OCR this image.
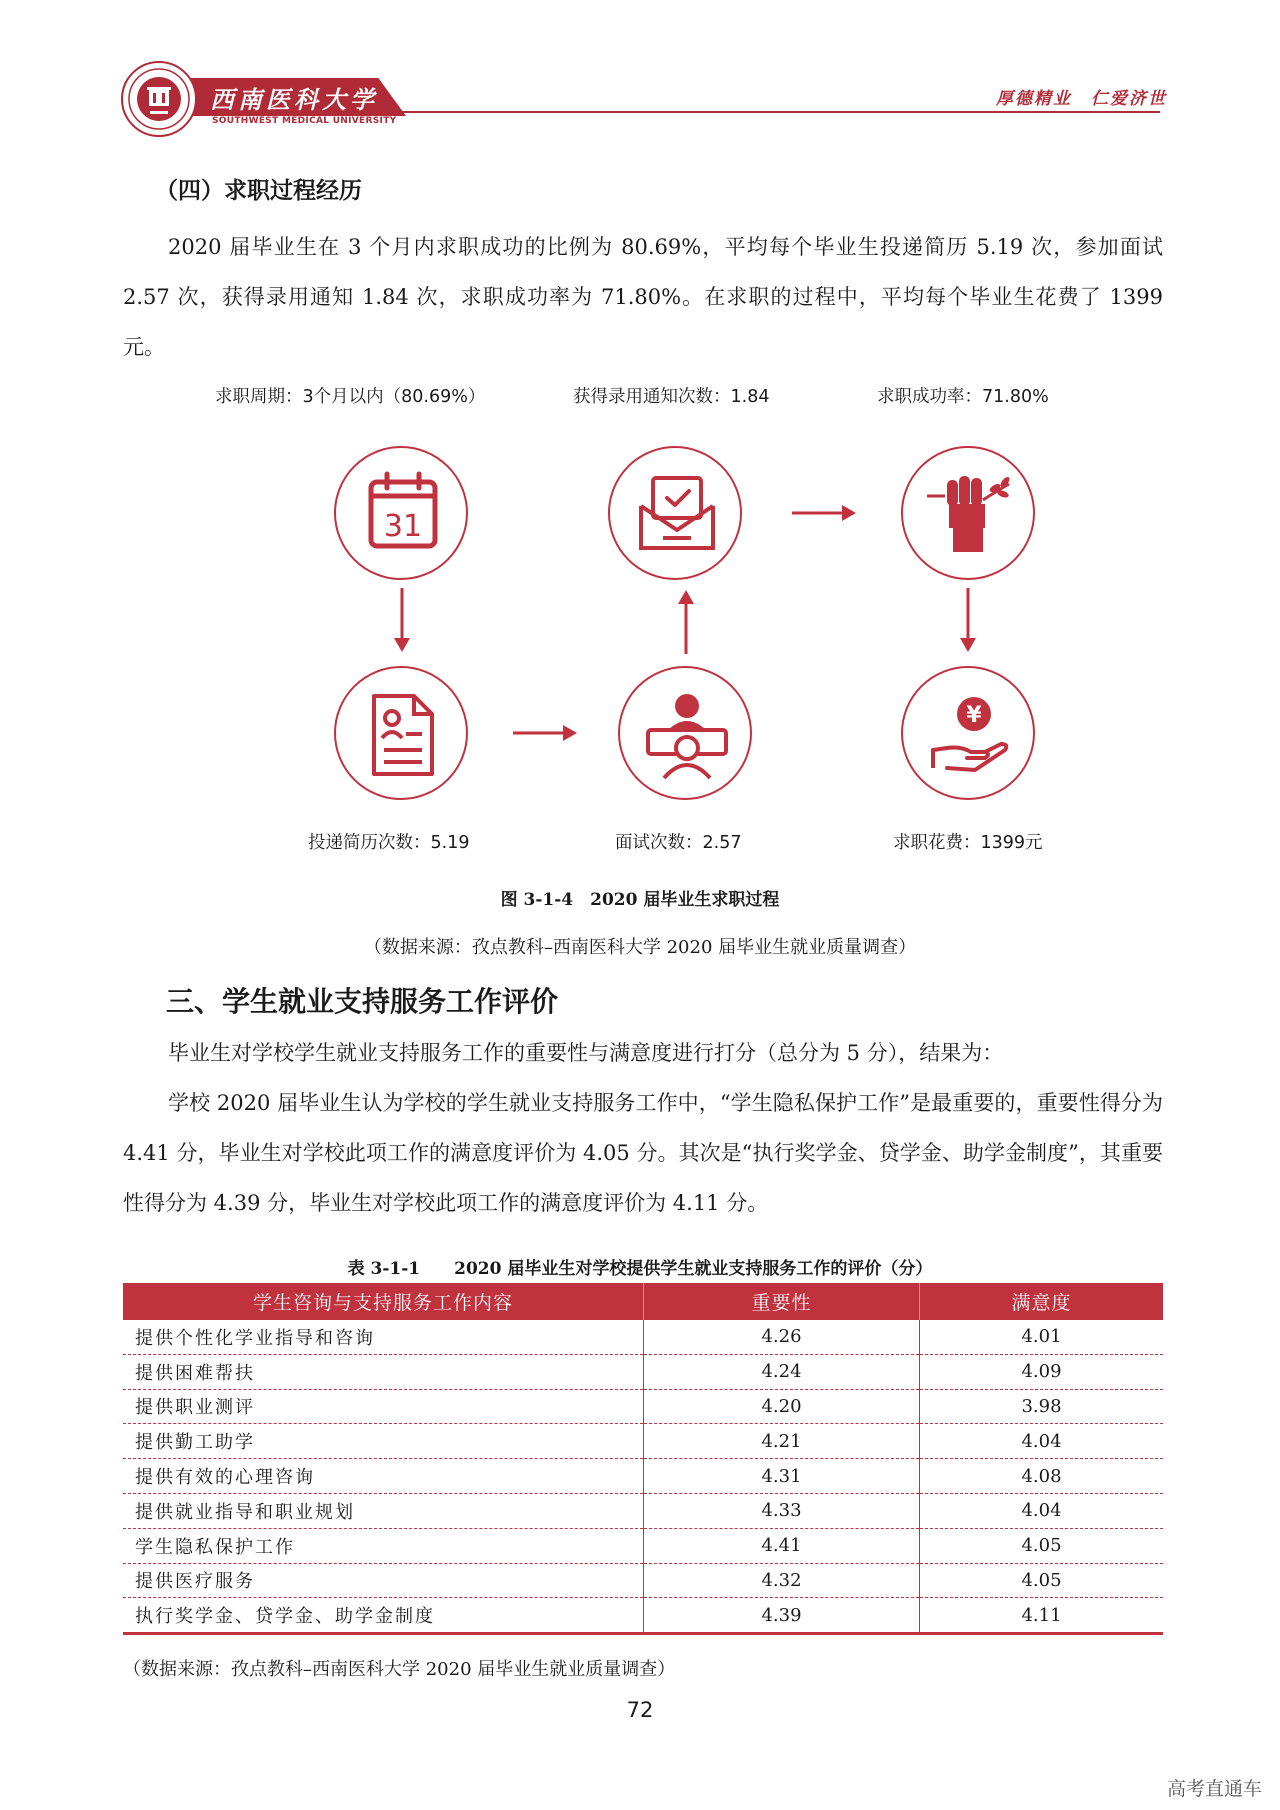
西南医科大学
SOUTHWEST MEDICAL UNIVERSITY
厚德精业　仁爱济世
（四）求职过程经历
2020 届毕业生在 3 个月内求职成功的比例为 80.69%，平均每个毕业生投递简历 5.19 次，参加面试 2.57 次，获得录用通知 1.84 次，求职成功率为 71.80%。在求职的过程中，平均每个毕业生花费了 1399 元。
求职周期：3个月以内（80.69%）	获得录用通知次数：1.84	求职成功率：71.80%
投递简历次数：5.19	面试次数：2.57	求职花费：1399元
31
¥
图 3-1-4　2020 届毕业生求职过程
（数据来源：孜点教科–西南医科大学 2020 届毕业生就业质量调查）
三、学生就业支持服务工作评价
毕业生对学校学生就业支持服务工作的重要性与满意度进行打分（总分为 5 分），结果为：
学校 2020 届毕业生认为学校的学生就业支持服务工作中，“学生隐私保护工作”是最重要的，重要性得分为 4.41 分，毕业生对学校此项工作的满意度评价为 4.05 分。其次是“执行奖学金、贷学金、助学金制度”，其重要性得分为 4.39 分，毕业生对学校此项工作的满意度评价为 4.11 分。
表 3-1-1　　2020 届毕业生对学校提供学生就业支持服务工作的评价（分）
学生咨询与支持服务工作内容	重要性	满意度
提供个性化学业指导和咨询	4.26	4.01
提供困难帮扶	4.24	4.09
提供职业测评	4.20	3.98
提供勤工助学	4.21	4.04
提供有效的心理咨询	4.31	4.08
提供就业指导和职业规划	4.33	4.04
学生隐私保护工作	4.41	4.05
提供医疗服务	4.32	4.05
执行奖学金、贷学金、助学金制度	4.39	4.11
（数据来源：孜点教科–西南医科大学 2020 届毕业生就业质量调查）
72
高考直通车
